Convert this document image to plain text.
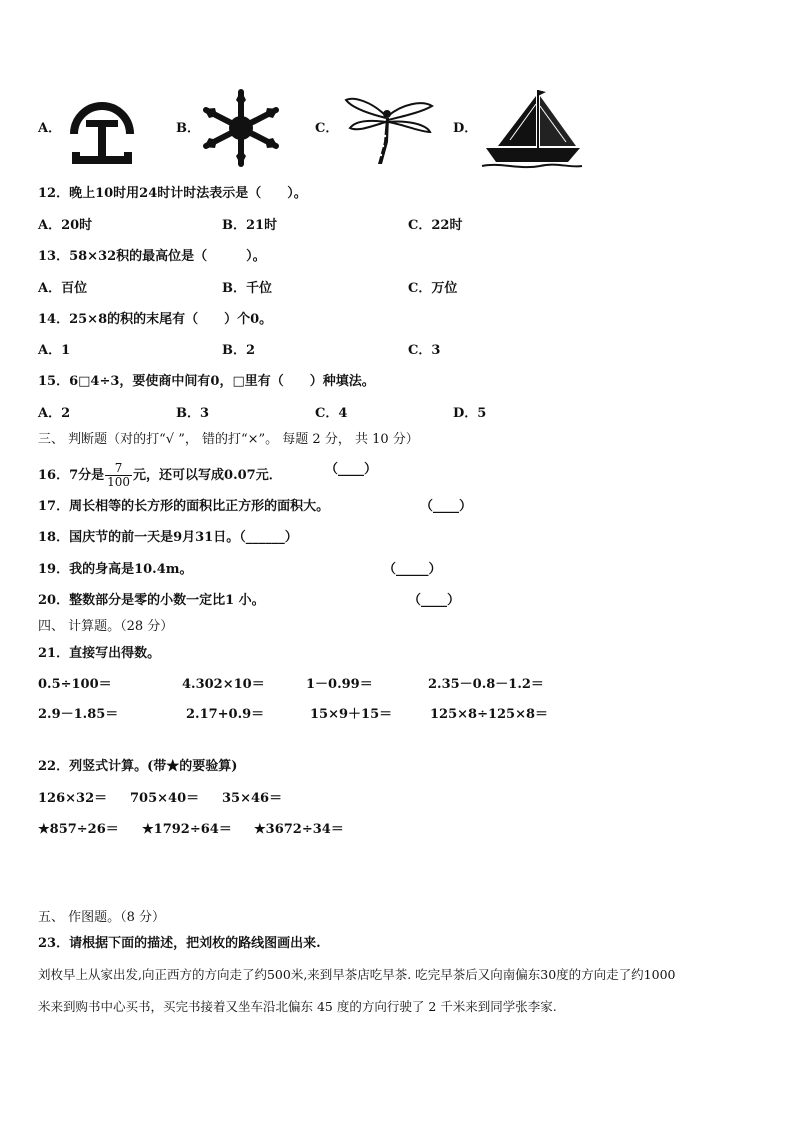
A．	B．	C．	D．
12．晚上10时用24时计时法表示是（　　）。
A．20时	B．21时	C．22时
13．58×32积的最高位是（　　　）。
A．百位	B．千位	C．万位
14．25×8的积的末尾有（　　）个0。
A．1	B．2	C．3
15．6□4÷3，要使商中间有0，□里有（　　）种填法。
A．2	B．3	C．4	D．5
三、 判断题（对的打“√ ”， 错的打“×”。 每题 2 分， 共 10 分）
16．7分是 $\frac{7}{100}$ 元，还可以写成0.07元．	（____）
17．周长相等的长方形的面积比正方形的面积大。	（____）
18．国庆节的前一天是9月31日。（______）
19．我的身高是10.4m。	（_____）
20．整数部分是零的小数一定比1 小。	（____）
四、 计算题。（28 分）
21．直接写出得数。
0.5÷100＝	4.302×10＝	1－0.99＝	2.35－0.8－1.2＝
2.9－1.85＝	2.17+0.9＝	15×9＋15＝	125×8÷125×8＝
22．列竖式计算。(带★的要验算)
126×32＝ 705×40＝ 35×46＝
★857÷26＝ ★1792÷64＝ ★3672÷34＝
五、 作图题。（8 分）
23．请根据下面的描述，把刘枚的路线图画出来.
刘枚早上从家出发,向正西方的方向走了约500米,来到早茶店吃早茶. 吃完早茶后又向南偏东30度的方向走了约1000
米来到购书中心买书，买完书接着又坐车沿北偏东 45 度的方向行驶了 2 千米来到同学张李家.
